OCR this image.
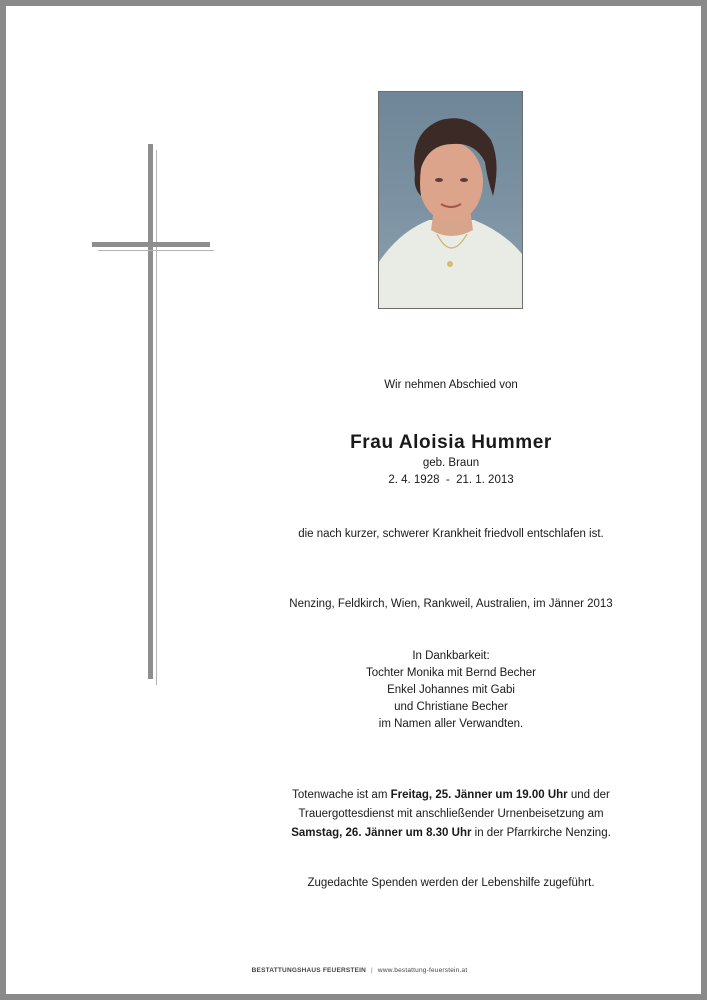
Wir nehmen Abschied von
Frau Aloisia Hummer
geb. Braun
2. 4. 1928  -  21. 1. 2013
die nach kurzer, schwerer Krankheit friedvoll entschlafen ist.
Nenzing, Feldkirch, Wien, Rankweil, Australien, im Jänner 2013
In Dankbarkeit:
Tochter Monika mit Bernd Becher
Enkel Johannes mit Gabi
und Christiane Becher
im Namen aller Verwandten.
Totenwache ist am Freitag, 25. Jänner um 19.00 Uhr und der
Trauergottesdienst mit anschließender Urnenbeisetzung am
Samstag, 26. Jänner um 8.30 Uhr in der Pfarrkirche Nenzing.
Zugedachte Spenden werden der Lebenshilfe zugeführt.
BESTATTUNGSHAUS FEUERSTEIN | www.bestattung-feuerstein.at
